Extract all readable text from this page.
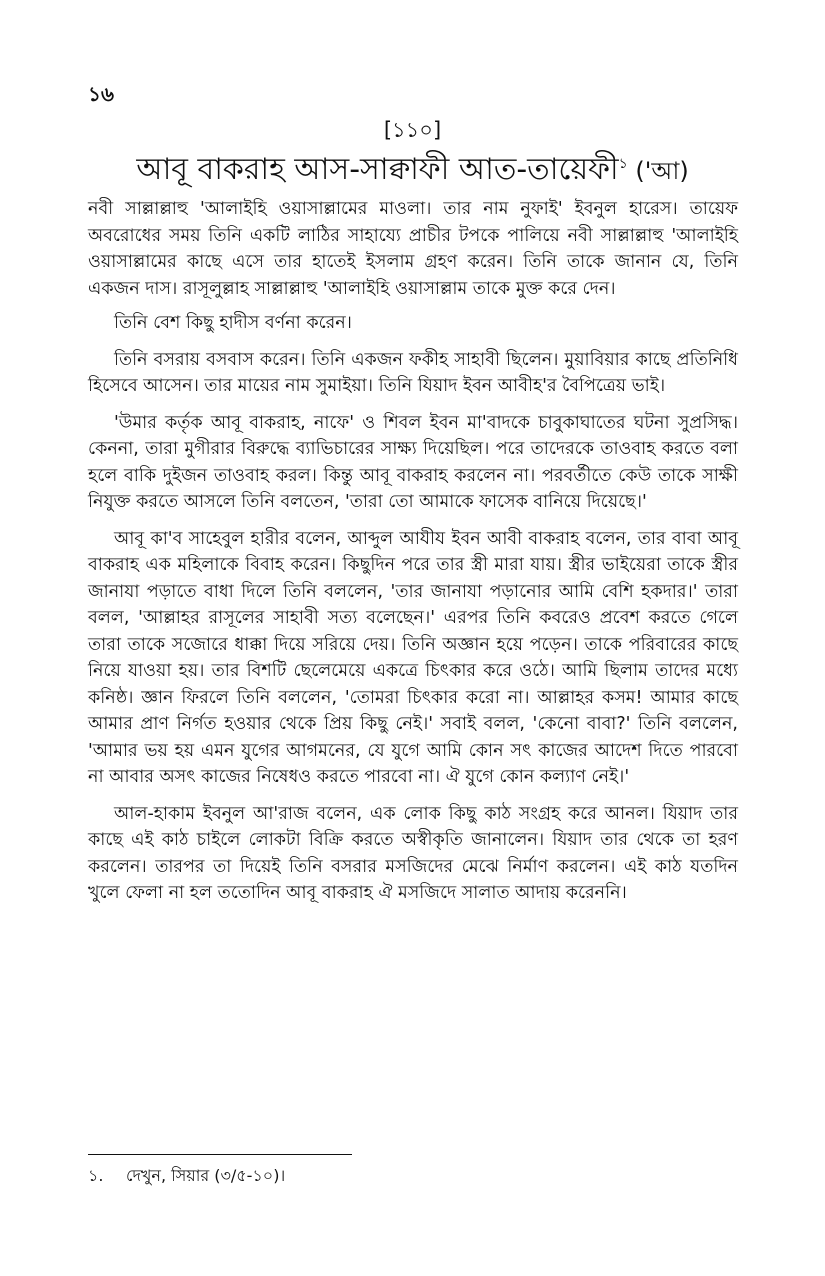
১৬
[১১০]
আবূ বাকরাহ আস-সাক্বাফী আত-তায়েফী$^১$ ('আ)

নবী সাল্লাল্লাহু 'আলাইহি ওয়াসাল্লামের মাওলা। তার নাম নুফাই' ইবনুল হারেস। তায়েফ অবরোধের সময় তিনি একটি লাঠির সাহায্যে প্রাচীর টপকে পালিয়ে নবী সাল্লাল্লাহু 'আলাইহি ওয়াসাল্লামের কাছে এসে তার হাতেই ইসলাম গ্রহণ করেন। তিনি তাকে জানান যে, তিনি একজন দাস। রাসূলুল্লাহ সাল্লাল্লাহু 'আলাইহি ওয়াসাল্লাম তাকে মুক্ত করে দেন।

তিনি বেশ কিছু হাদীস বর্ণনা করেন।

তিনি বসরায় বসবাস করেন। তিনি একজন ফকীহ সাহাবী ছিলেন। মুয়াবিয়ার কাছে প্রতিনিধি হিসেবে আসেন। তার মায়ের নাম সুমাইয়া। তিনি যিয়াদ ইবন আবীহ'র বৈপিত্রেয় ভাই।

'উমার কর্তৃক আবূ বাকরাহ, নাফে' ও শিবল ইবন মা'বাদকে চাবুকাঘাতের ঘটনা সুপ্রসিদ্ধ। কেননা, তারা মুগীরার বিরুদ্ধে ব্যাভিচারের সাক্ষ্য দিয়েছিল। পরে তাদেরকে তাওবাহ করতে বলা হলে বাকি দুইজন তাওবাহ করল। কিন্তু আবূ বাকরাহ করলেন না। পরবর্তীতে কেউ তাকে সাক্ষী নিযুক্ত করতে আসলে তিনি বলতেন, 'তারা তো আমাকে ফাসেক বানিয়ে দিয়েছে।'

আবূ কা'ব সাহেবুল হারীর বলেন, আব্দুল আযীয ইবন আবী বাকরাহ বলেন, তার বাবা আবূ বাকরাহ এক মহিলাকে বিবাহ করেন। কিছুদিন পরে তার স্ত্রী মারা যায়। স্ত্রীর ভাইয়েরা তাকে স্ত্রীর জানাযা পড়াতে বাধা দিলে তিনি বললেন, 'তার জানাযা পড়ানোর আমি বেশি হকদার।' তারা বলল, 'আল্লাহর রাসূলের সাহাবী সত্য বলেছেন।' এরপর তিনি কবরেও প্রবেশ করতে গেলে তারা তাকে সজোরে ধাক্কা দিয়ে সরিয়ে দেয়। তিনি অজ্ঞান হয়ে পড়েন। তাকে পরিবারের কাছে নিয়ে যাওয়া হয়। তার বিশটি ছেলেমেয়ে একত্রে চিৎকার করে ওঠে। আমি ছিলাম তাদের মধ্যে কনিষ্ঠ। জ্ঞান ফিরলে তিনি বললেন, 'তোমরা চিৎকার করো না। আল্লাহর কসম! আমার কাছে আমার প্রাণ নির্গত হওয়ার থেকে প্রিয় কিছু নেই।' সবাই বলল, 'কেনো বাবা?' তিনি বললেন, 'আমার ভয় হয় এমন যুগের আগমনের, যে যুগে আমি কোন সৎ কাজের আদেশ দিতে পারবো না আবার অসৎ কাজের নিষেধও করতে পারবো না। ঐ যুগে কোন কল্যাণ নেই।'

আল-হাকাম ইবনুল আ'রাজ বলেন, এক লোক কিছু কাঠ সংগ্রহ করে আনল। যিয়াদ তার কাছে এই কাঠ চাইলে লোকটা বিক্রি করতে অস্বীকৃতি জানালেন। যিয়াদ তার থেকে তা হরণ করলেন। তারপর তা দিয়েই তিনি বসরার মসজিদের মেঝে নির্মাণ করলেন। এই কাঠ যতদিন খুলে ফেলা না হল ততোদিন আবূ বাকরাহ ঐ মসজিদে সালাত আদায় করেননি।

১. দেখুন, সিয়ার (৩/৫-১০)।
